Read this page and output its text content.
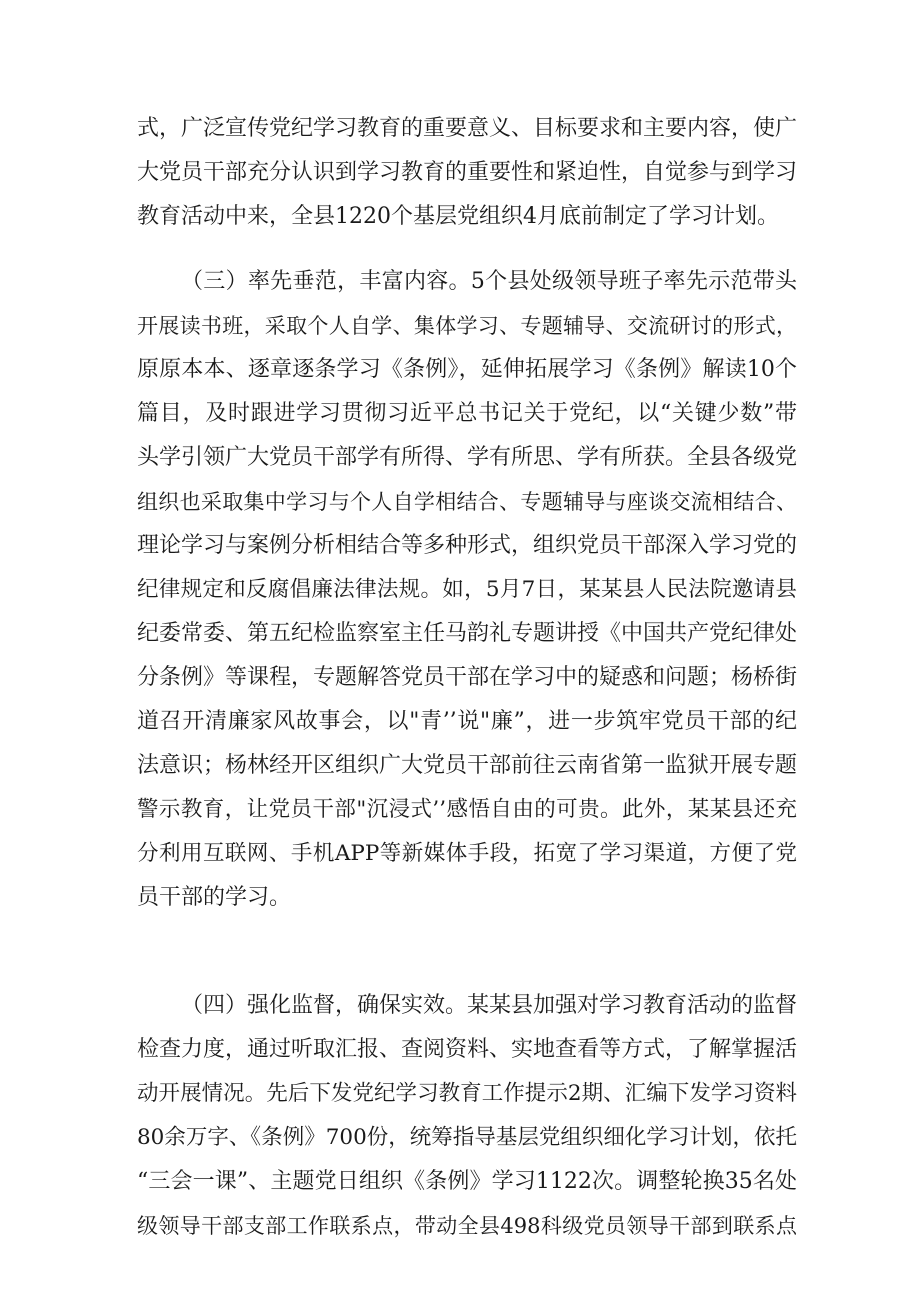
式，广泛宣传党纪学习教育的重要意义、目标要求和主要内容，使广
大党员干部充分认识到学习教育的重要性和紧迫性，自觉参与到学习
教育活动中来，全县1220个基层党组织4月底前制定了学习计划。
（三）率先垂范，丰富内容。5个县处级领导班子率先示范带头
开展读书班，采取个人自学、集体学习、专题辅导、交流研讨的形式，
原原本本、逐章逐条学习《条例》，延伸拓展学习《条例》解读10个
篇目，及时跟进学习贯彻习近平总书记关于党纪，以“关键少数”带
头学引领广大党员干部学有所得、学有所思、学有所获。全县各级党
组织也采取集中学习与个人自学相结合、专题辅导与座谈交流相结合、
理论学习与案例分析相结合等多种形式，组织党员干部深入学习党的
纪律规定和反腐倡廉法律法规。如，5月7日，某某县人民法院邀请县
纪委常委、第五纪检监察室主任马韵礼专题讲授《中国共产党纪律处
分条例》等课程，专题解答党员干部在学习中的疑惑和问题；杨桥街
道召开清廉家风故事会，以"青’’说"廉”，进一步筑牢党员干部的纪
法意识；杨林经开区组织广大党员干部前往云南省第一监狱开展专题
警示教育，让党员干部"沉浸式’’感悟自由的可贵。此外，某某县还充
分利用互联网、手机APP等新媒体手段，拓宽了学习渠道，方便了党
员干部的学习。
（四）强化监督，确保实效。某某县加强对学习教育活动的监督
检查力度，通过听取汇报、查阅资料、实地查看等方式，了解掌握活
动开展情况。先后下发党纪学习教育工作提示2期、汇编下发学习资料
80余万字、《条例》700份，统筹指导基层党组织细化学习计划，依托
“三会一课”、主题党日组织《条例》学习1122次。调整轮换35名处
级领导干部支部工作联系点，带动全县498科级党员领导干部到联系点
